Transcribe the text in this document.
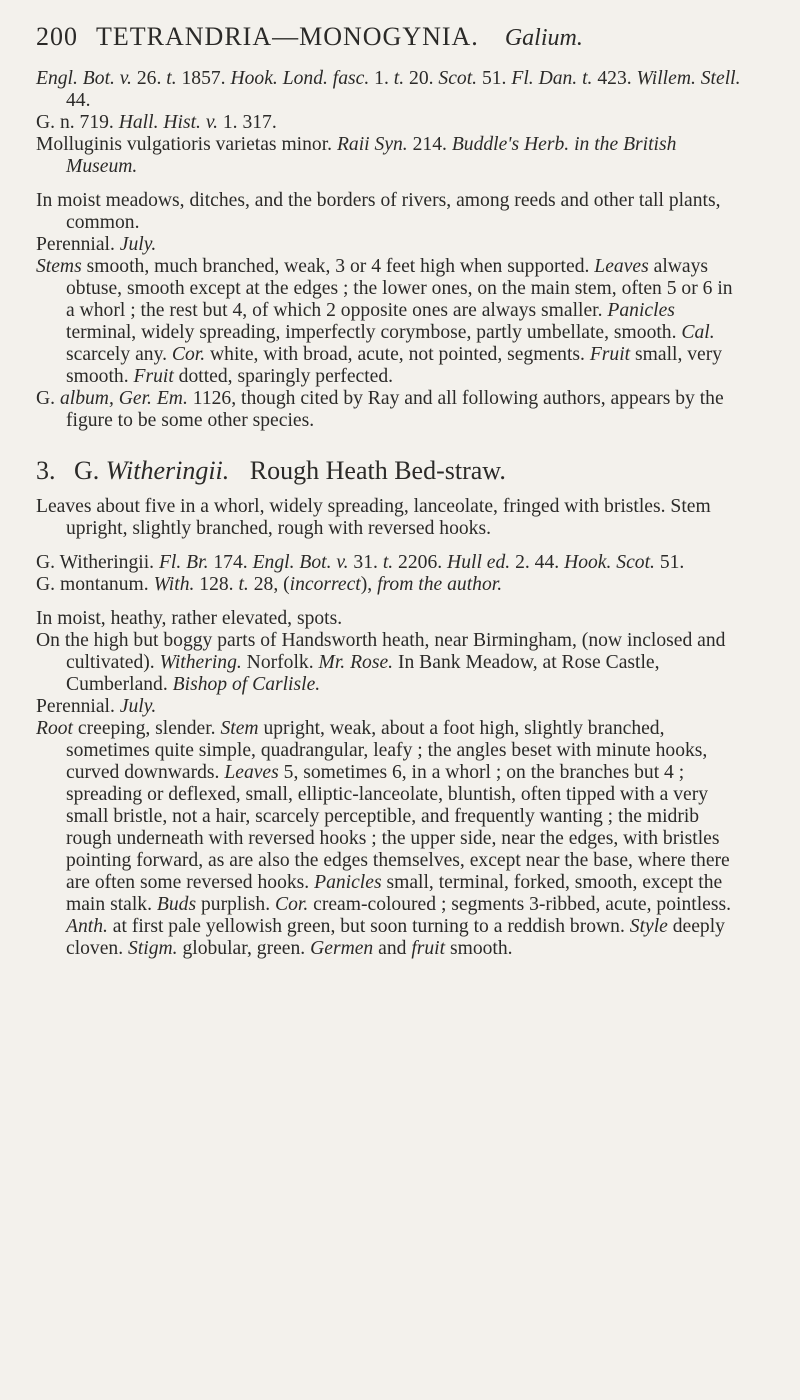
200 TETRANDRIA—MONOGYNIA. Galium.

Engl. Bot. v. 26. t. 1857. Hook. Lond. fasc. 1. t. 20. Scot. 51. Fl. Dan. t. 423. Willem. Stell. 44.

G. n. 719. Hall. Hist. v. 1. 317.

Molluginis vulgatioris varietas minor. Raii Syn. 214. Buddle's Herb. in the British Museum.

In moist meadows, ditches, and the borders of rivers, among reeds and other tall plants, common.

Perennial. July.

Stems smooth, much branched, weak, 3 or 4 feet high when supported. Leaves always obtuse, smooth except at the edges ; the lower ones, on the main stem, often 5 or 6 in a whorl ; the rest but 4, of which 2 opposite ones are always smaller. Panicles terminal, widely spreading, imperfectly corymbose, partly umbellate, smooth. Cal. scarcely any. Cor. white, with broad, acute, not pointed, segments. Fruit small, very smooth. Fruit dotted, sparingly perfected.

G. album, Ger. Em. 1126, though cited by Ray and all following authors, appears by the figure to be some other species.

3. G. Witheringii. Rough Heath Bed-straw.

Leaves about five in a whorl, widely spreading, lanceolate, fringed with bristles. Stem upright, slightly branched, rough with reversed hooks.

G. Witheringii. Fl. Br. 174. Engl. Bot. v. 31. t. 2206. Hull ed. 2. 44. Hook. Scot. 51.

G. montanum. With. 128. t. 28, (incorrect), from the author.

In moist, heathy, rather elevated, spots.

On the high but boggy parts of Handsworth heath, near Birmingham, (now inclosed and cultivated). Withering. Norfolk. Mr. Rose. In Bank Meadow, at Rose Castle, Cumberland. Bishop of Carlisle.

Perennial. July.

Root creeping, slender. Stem upright, weak, about a foot high, slightly branched, sometimes quite simple, quadrangular, leafy ; the angles beset with minute hooks, curved downwards. Leaves 5, sometimes 6, in a whorl ; on the branches but 4 ; spreading or deflexed, small, elliptic-lanceolate, bluntish, often tipped with a very small bristle, not a hair, scarcely perceptible, and frequently wanting ; the midrib rough underneath with reversed hooks ; the upper side, near the edges, with bristles pointing forward, as are also the edges themselves, except near the base, where there are often some reversed hooks. Panicles small, terminal, forked, smooth, except the main stalk. Buds purplish. Cor. cream-coloured ; segments 3-ribbed, acute, pointless. Anth. at first pale yellowish green, but soon turning to a reddish brown. Style deeply cloven. Stigm. globular, green. Germen and fruit smooth.
